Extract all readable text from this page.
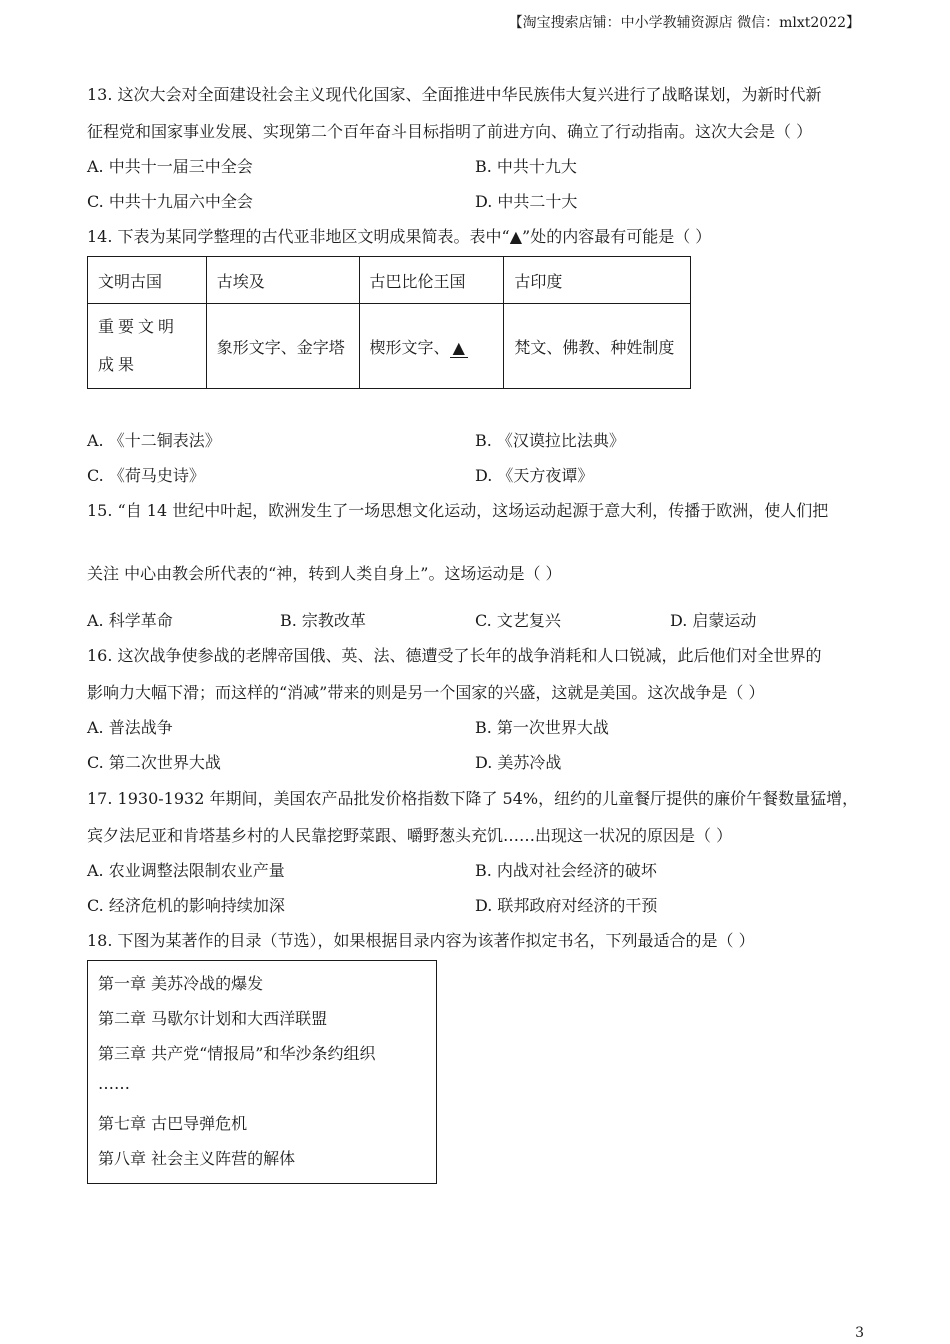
【淘宝搜索店铺：中小学教辅资源店 微信：mlxt2022】
13. 这次大会对全面建设社会主义现代化国家、全面推进中华民族伟大复兴进行了战略谋划，为新时代新
征程党和国家事业发展、实现第二个百年奋斗目标指明了前进方向、确立了行动指南。这次大会是（ ）
A. 中共十一届三中全会	B. 中共十九大
C. 中共十九届六中全会	D. 中共二十大
14. 下表为某同学整理的古代亚非地区文明成果简表。表中“▲”处的内容最有可能是（ ）
文明古国	古埃及	古巴比伦王国	古印度
重要文明成果	象形文字、金字塔	楔形文字、 ▲	梵文、佛教、种姓制度
A. 《十二铜表法》	B. 《汉谟拉比法典》
C. 《荷马史诗》	D. 《天方夜谭》
15. “自 14 世纪中叶起，欧洲发生了一场思想文化运动，这场运动起源于意大利，传播于欧洲，使人们把
关注 中心由教会所代表的“神，转到人类自身上”。这场运动是（ ）
A. 科学革命	B. 宗教改革	C. 文艺复兴	D. 启蒙运动
16. 这次战争使参战的老牌帝国俄、英、法、德遭受了长年的战争消耗和人口锐减，此后他们对全世界的
影响力大幅下滑；而这样的“消减”带来的则是另一个国家的兴盛，这就是美国。这次战争是（ ）
A. 普法战争	B. 第一次世界大战
C. 第二次世界大战	D. 美苏冷战
17. 1930-1932 年期间，美国农产品批发价格指数下降了 54%，纽约的儿童餐厅提供的廉价午餐数量猛增，
宾夕法尼亚和肯塔基乡村的人民靠挖野菜跟、嚼野葱头充饥……出现这一状况的原因是（ ）
A. 农业调整法限制农业产量	B. 内战对社会经济的破坏
C. 经济危机的影响持续加深	D. 联邦政府对经济的干预
18. 下图为某著作的目录（节选），如果根据目录内容为该著作拟定书名，下列最适合的是（ ）
第一章 美苏冷战的爆发
第二章 马歇尔计划和大西洋联盟
第三章 共产党“情报局”和华沙条约组织
……
第七章 古巴导弹危机
第八章 社会主义阵营的解体
3
